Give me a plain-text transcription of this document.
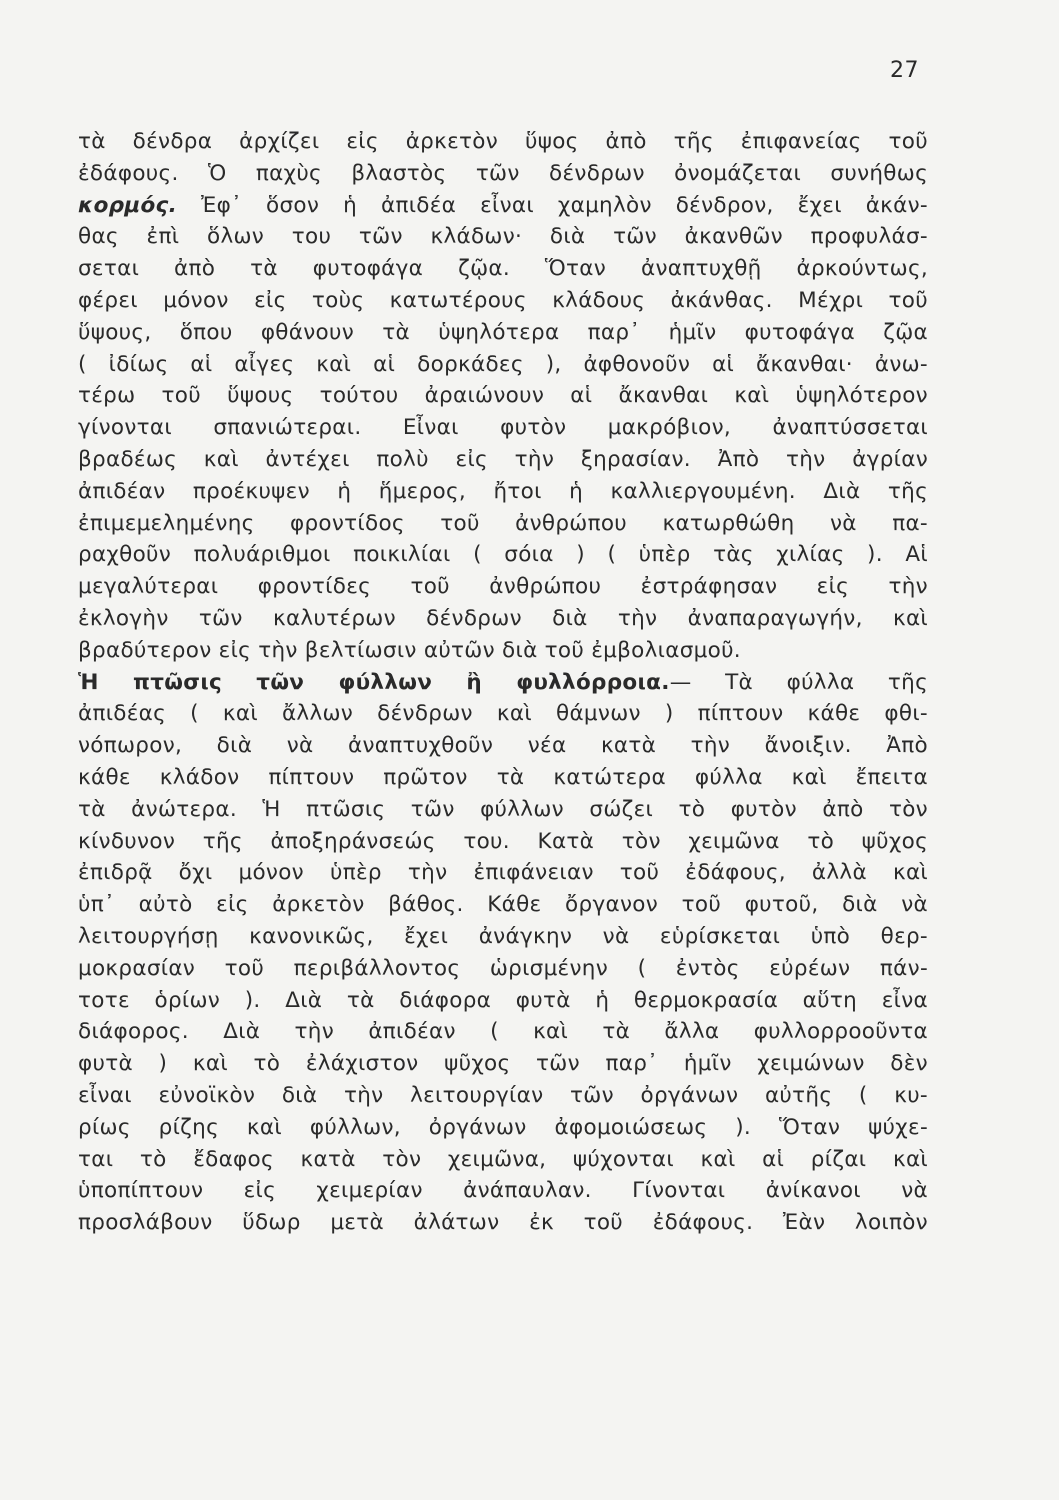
27
τὰ δένδρα ἀρχίζει εἰς ἀρκετὸν ὕψος ἀπὸ τῆς ἐπιφανείας τοῦ
ἐδάφους. Ὁ παχὺς βλαστὸς τῶν δένδρων ὀνομάζεται συνήθως
κορμός. Ἐφ᾽ ὅσον ἡ ἀπιδέα εἶναι χαμηλὸν δένδρον, ἔχει ἀκάν-
θας ἐπὶ ὅλων του τῶν κλάδων· διὰ τῶν ἀκανθῶν προφυλάσ-
σεται ἀπὸ τὰ φυτοφάγα ζῷα. Ὅταν ἀναπτυχθῇ ἀρκούντως,
φέρει μόνον εἰς τοὺς κατωτέρους κλάδους ἀκάνθας. Μέχρι τοῦ
ὕψους, ὅπου φθάνουν τὰ ὑψηλότερα παρ᾽ ἡμῖν φυτοφάγα ζῷα
( ἰδίως αἱ αἶγες καὶ αἱ δορκάδες ), ἀφθονοῦν αἱ ἄκανθαι· ἀνω-
τέρω τοῦ ὕψους τούτου ἀραιώνουν αἱ ἄκανθαι καὶ ὑψηλότερον
γίνονται σπανιώτεραι. Εἶναι φυτὸν μακρόβιον, ἀναπτύσσεται
βραδέως καὶ ἀντέχει πολὺ εἰς τὴν ξηρασίαν. Ἀπὸ τὴν ἀγρίαν
ἀπιδέαν προέκυψεν ἡ ἥμερος, ἤτοι ἡ καλλιεργουμένη. Διὰ τῆς
ἐπιμεμελημένης φροντίδος τοῦ ἀνθρώπου κατωρθώθη νὰ πα-
ραχθοῦν πολυάριθμοι ποικιλίαι ( σόια ) ( ὑπὲρ τὰς χιλίας ). Αἱ
μεγαλύτεραι φροντίδες τοῦ ἀνθρώπου ἐστράφησαν εἰς τὴν
ἐκλογὴν τῶν καλυτέρων δένδρων διὰ τὴν ἀναπαραγωγήν, καὶ
βραδύτερον εἰς τὴν βελτίωσιν αὐτῶν διὰ τοῦ ἐμβολιασμοῦ.
Ἡ πτῶσις τῶν φύλλων ἢ φυλλόρροια.— Τὰ φύλλα τῆς
ἀπιδέας ( καὶ ἄλλων δένδρων καὶ θάμνων ) πίπτουν κάθε φθι-
νόπωρον, διὰ νὰ ἀναπτυχθοῦν νέα κατὰ τὴν ἄνοιξιν. Ἀπὸ
κάθε κλάδον πίπτουν πρῶτον τὰ κατώτερα φύλλα καὶ ἔπειτα
τὰ ἀνώτερα. Ἡ πτῶσις τῶν φύλλων σώζει τὸ φυτὸν ἀπὸ τὸν
κίνδυνον τῆς ἀποξηράνσεώς του. Κατὰ τὸν χειμῶνα τὸ ψῦχος
ἐπιδρᾷ ὄχι μόνον ὑπὲρ τὴν ἐπιφάνειαν τοῦ ἐδάφους, ἀλλὰ καὶ
ὑπ᾽ αὐτὸ εἰς ἀρκετὸν βάθος. Κάθε ὄργανον τοῦ φυτοῦ, διὰ νὰ
λειτουργήσῃ κανονικῶς, ἔχει ἀνάγκην νὰ εὑρίσκεται ὑπὸ θερ-
μοκρασίαν τοῦ περιβάλλοντος ὡρισμένην ( ἐντὸς εὐρέων πάν-
τοτε ὁρίων ). Διὰ τὰ διάφορα φυτὰ ἡ θερμοκρασία αὕτη εἶνα
διάφορος. Διὰ τὴν ἀπιδέαν ( καὶ τὰ ἄλλα φυλλορροοῦντα
φυτὰ ) καὶ τὸ ἐλάχιστον ψῦχος τῶν παρ᾽ ἡμῖν χειμώνων δὲν
εἶναι εὐνοϊκὸν διὰ τὴν λειτουργίαν τῶν ὀργάνων αὐτῆς ( κυ-
ρίως ρίζης καὶ φύλλων, ὀργάνων ἀφομοιώσεως ). Ὅταν ψύχε-
ται τὸ ἔδαφος κατὰ τὸν χειμῶνα, ψύχονται καὶ αἱ ρίζαι καὶ
ὑποπίπτουν εἰς χειμερίαν ἀνάπαυλαν. Γίνονται ἀνίκανοι νὰ
προσλάβουν ὕδωρ μετὰ ἀλάτων ἐκ τοῦ ἐδάφους. Ἐὰν λοιπὸν
